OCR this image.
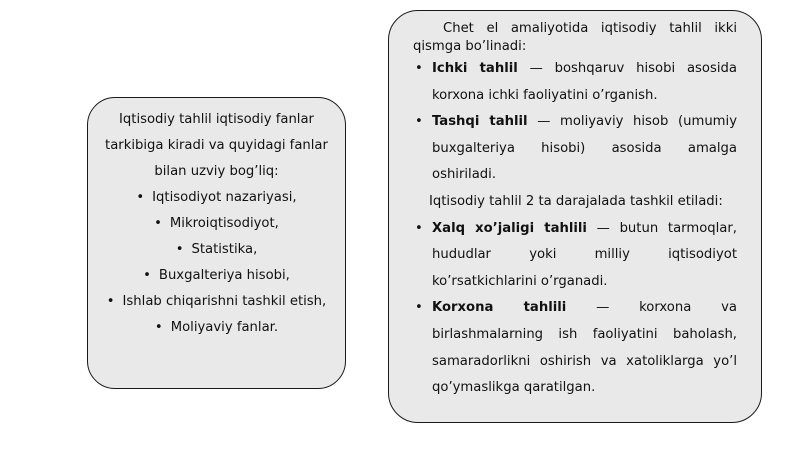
Iqtisodiy tahlil iqtisodiy fanlar tarkibiga kiradi va quyidagi fanlar bilan uzviy bog’liq:

• Iqtisodiyot nazariyasi,
• Mikroiqtisodiyot,
• Statistika,
• Buxgalteriya hisobi,
• Ishlab chiqarishni tashkil etish,
• Moliyaviy fanlar.

Chet el amaliyotida iqtisodiy tahlil ikki qismga bo’linadi:

• Ichki tahlil — boshqaruv hisobi asosida korxona ichki faoliyatini o’rganish.
• Tashqi tahlil — moliyaviy hisob (umumiy buxgalteriya hisobi) asosida amalga oshiriladi.

Iqtisodiy tahlil 2 ta darajalada tashkil etiladi:

• Xalq xo’jaligi tahlili — butun tarmoqlar, hududlar yoki milliy iqtisodiyot ko’rsatkichlarini o’rganadi.
• Korxona tahlili — korxona va birlashmalarning ish faoliyatini baholash, samaradorlikni oshirish va xatoliklarga yo’l qo’ymaslikga qaratilgan.
